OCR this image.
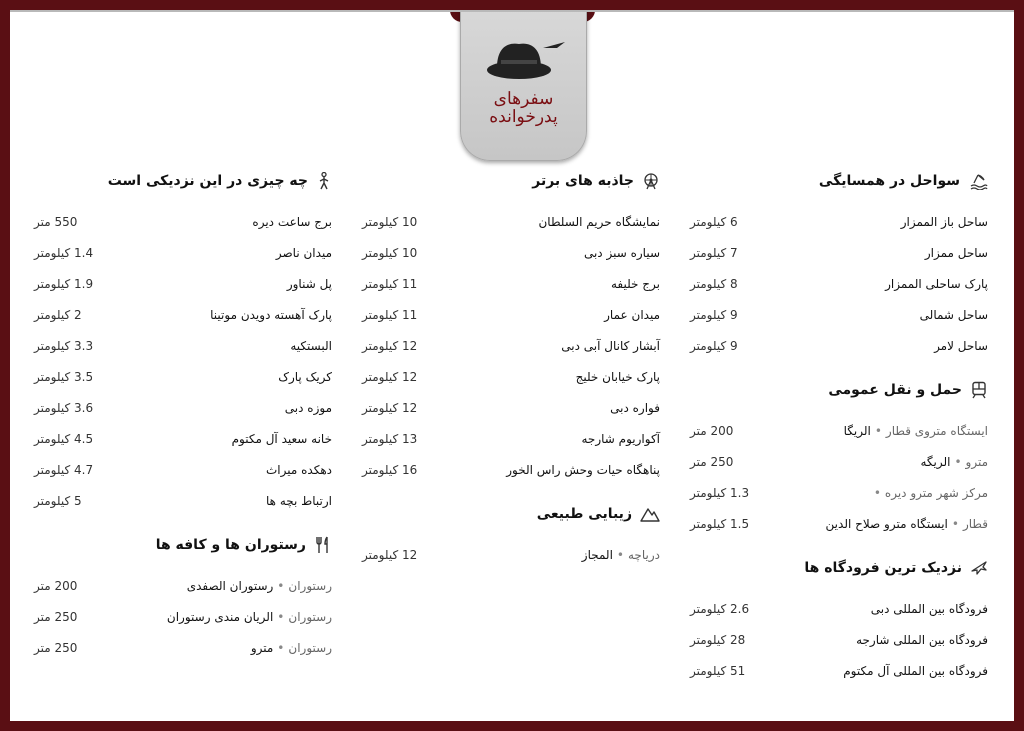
سفرهای
پدرخوانده
سواحل در همسایگی
ساحل باز الممزار
6 کیلومتر
ساحل ممزار
7 کیلومتر
پارک ساحلی الممزار
8 کیلومتر
ساحل شمالی
9 کیلومتر
ساحل لامر
9 کیلومتر
حمل و نقل عمومی
ایستگاه متروی قطار•الریگا
200 متر
مترو•الریگه
250 متر
مرکز شهر مترو دیره•
1.3 کیلومتر
قطار•ایستگاه مترو صلاح الدین
1.5 کیلومتر
نزدیک ترین فرودگاه ها
فرودگاه بین المللی دبی
2.6 کیلومتر
فرودگاه بین المللی شارجه
28 کیلومتر
فرودگاه بین المللی آل مکتوم
51 کیلومتر
جاذبه های برتر
نمایشگاه حریم السلطان
10 کیلومتر
سیاره سبز دبی
10 کیلومتر
برج خلیفه
11 کیلومتر
میدان عمار
11 کیلومتر
آبشار کانال آبی دبی
12 کیلومتر
پارک خیابان خلیج
12 کیلومتر
فواره دبی
12 کیلومتر
آکواریوم شارجه
13 کیلومتر
پناهگاه حیات وحش راس الخور
16 کیلومتر
زیبایی طبیعی
دریاچه•المجاز
12 کیلومتر
چه چیزی در این نزدیکی است
برج ساعت دیره
550 متر
میدان ناصر
1.4 کیلومتر
پل شناور
1.9 کیلومتر
پارک آهسته دویدن موتینا
2 کیلومتر
البستکیه
3.3 کیلومتر
کریک پارک
3.5 کیلومتر
موزه دبی
3.6 کیلومتر
خانه سعید آل مکتوم
4.5 کیلومتر
دهکده میراث
4.7 کیلومتر
ارتباط بچه ها
5 کیلومتر
رستوران ها و کافه ها
رستوران•رستوران الصفدی
200 متر
رستوران•الریان مندی رستوران
250 متر
رستوران•مترو
250 متر
